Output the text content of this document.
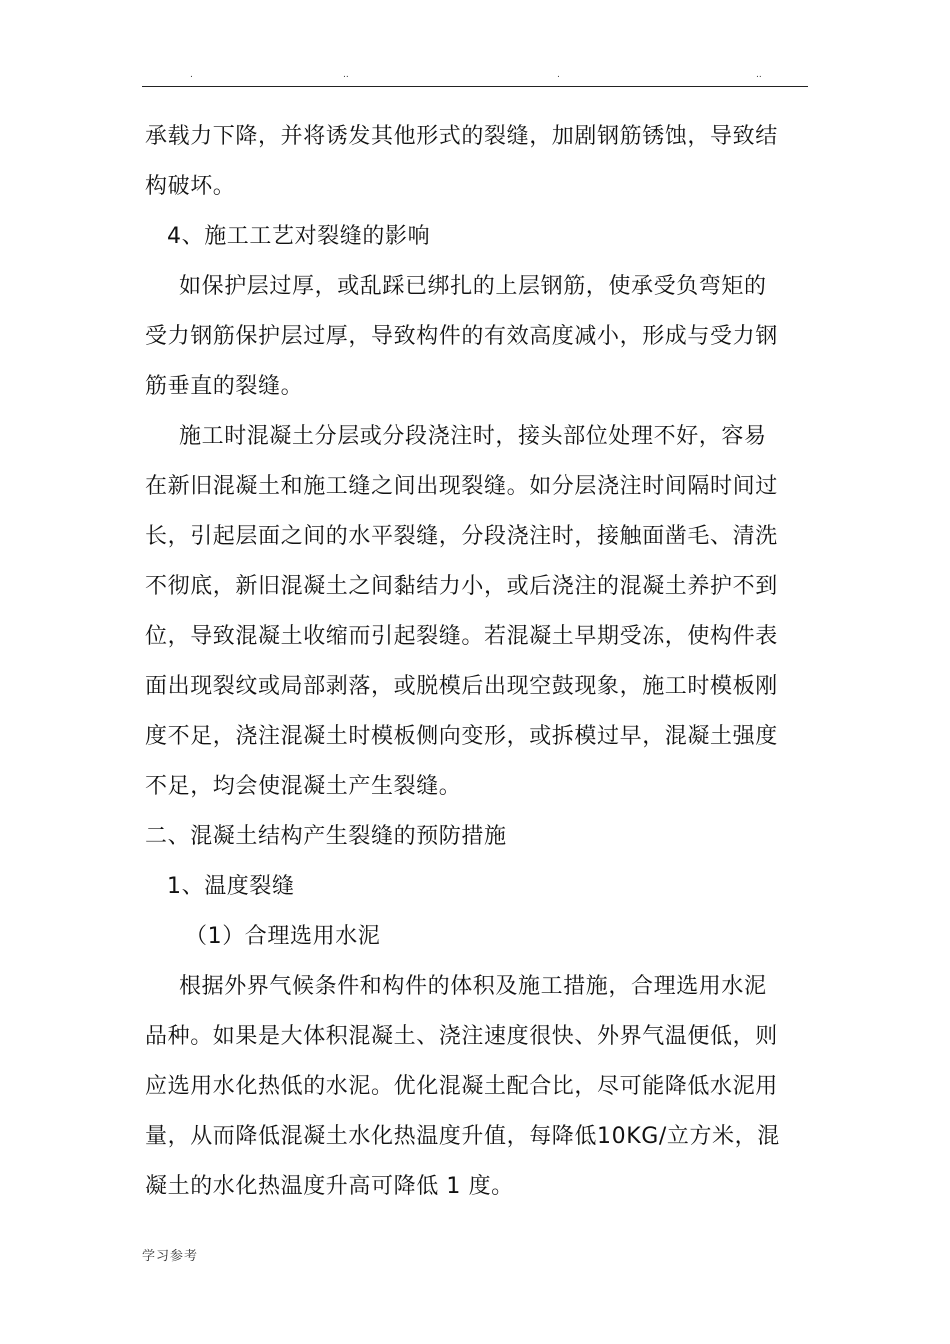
.	..	.	..
承载力下降，并将诱发其他形式的裂缝，加剧钢筋锈蚀，导致结
构破坏。
4、施工工艺对裂缝的影响
如保护层过厚，或乱踩已绑扎的上层钢筋，使承受负弯矩的
受力钢筋保护层过厚，导致构件的有效高度减小，形成与受力钢
筋垂直的裂缝。
施工时混凝土分层或分段浇注时，接头部位处理不好，容易
在新旧混凝土和施工缝之间出现裂缝。如分层浇注时间隔时间过
长，引起层面之间的水平裂缝，分段浇注时，接触面凿毛、清洗
不彻底，新旧混凝土之间黏结力小，或后浇注的混凝土养护不到
位，导致混凝土收缩而引起裂缝。若混凝土早期受冻，使构件表
面出现裂纹或局部剥落，或脱模后出现空鼓现象，施工时模板刚
度不足，浇注混凝土时模板侧向变形，或拆模过早，混凝土强度
不足，均会使混凝土产生裂缝。
二、混凝土结构产生裂缝的预防措施
1、温度裂缝
（1）合理选用水泥
根据外界气候条件和构件的体积及施工措施，合理选用水泥
品种。如果是大体积混凝土、浇注速度很快、外界气温便低，则
应选用水化热低的水泥。优化混凝土配合比，尽可能降低水泥用
量，从而降低混凝土水化热温度升值，每降低10KG/立方米，混
凝土的水化热温度升高可降低 1 度。
学习参考
